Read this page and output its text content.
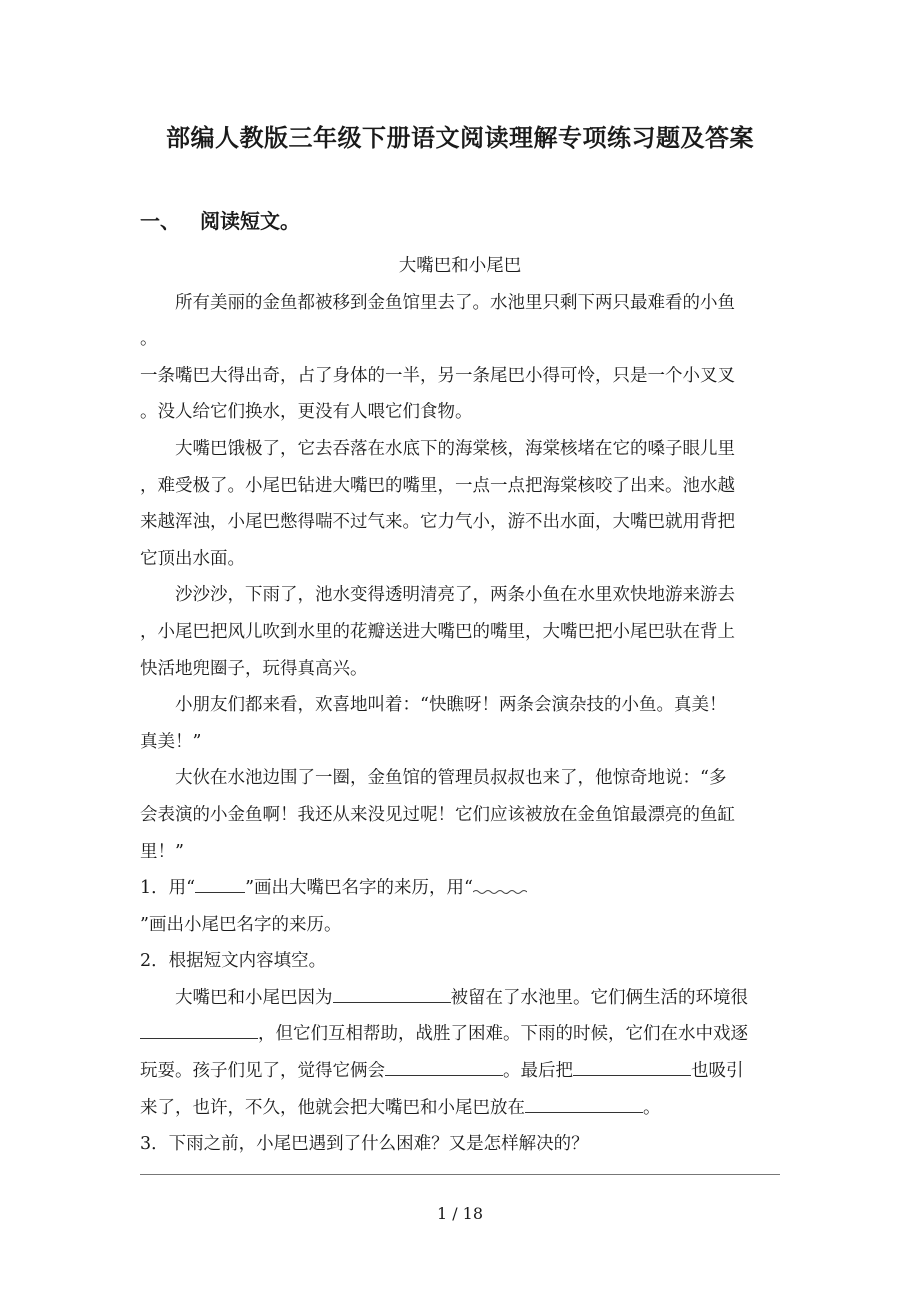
部编人教版三年级下册语文阅读理解专项练习题及答案
一、 阅读短文。

大嘴巴和小尾巴

所有美丽的金鱼都被移到金鱼馆里去了。水池里只剩下两只最难看的小鱼

。

一条嘴巴大得出奇，占了身体的一半，另一条尾巴小得可怜，只是一个小叉叉

。没人给它们换水，更没有人喂它们食物。

大嘴巴饿极了，它去吞落在水底下的海棠核，海棠核堵在它的嗓子眼儿里

，难受极了。小尾巴钻进大嘴巴的嘴里，一点一点把海棠核咬了出来。池水越

来越浑浊，小尾巴憋得喘不过气来。它力气小，游不出水面，大嘴巴就用背把

它顶出水面。

沙沙沙，下雨了，池水变得透明清亮了，两条小鱼在水里欢快地游来游去

，小尾巴把风儿吹到水里的花瓣送进大嘴巴的嘴里，大嘴巴把小尾巴驮在背上

快活地兜圈子，玩得真高兴。

小朋友们都来看，欢喜地叫着：“快瞧呀！两条会演杂技的小鱼。真美！

真美！”

大伙在水池边围了一圈，金鱼馆的管理员叔叔也来了，他惊奇地说：“多

会表演的小金鱼啊！我还从来没见过呢！它们应该被放在金鱼馆最漂亮的鱼缸

里！”

1．用“	”画出大嘴巴名字的来历，用“

”画出小尾巴名字的来历。

2．根据短文内容填空。

大嘴巴和小尾巴因为	被留在了水池里。它们俩生活的环境很

，但它们互相帮助，战胜了困难。下雨的时候，它们在水中戏逐

玩耍。孩子们见了，觉得它俩会	。最后把	也吸引

来了，也许，不久，他就会把大嘴巴和小尾巴放在	。

3．下雨之前，小尾巴遇到了什么困难？又是怎样解决的？

1 / 18
